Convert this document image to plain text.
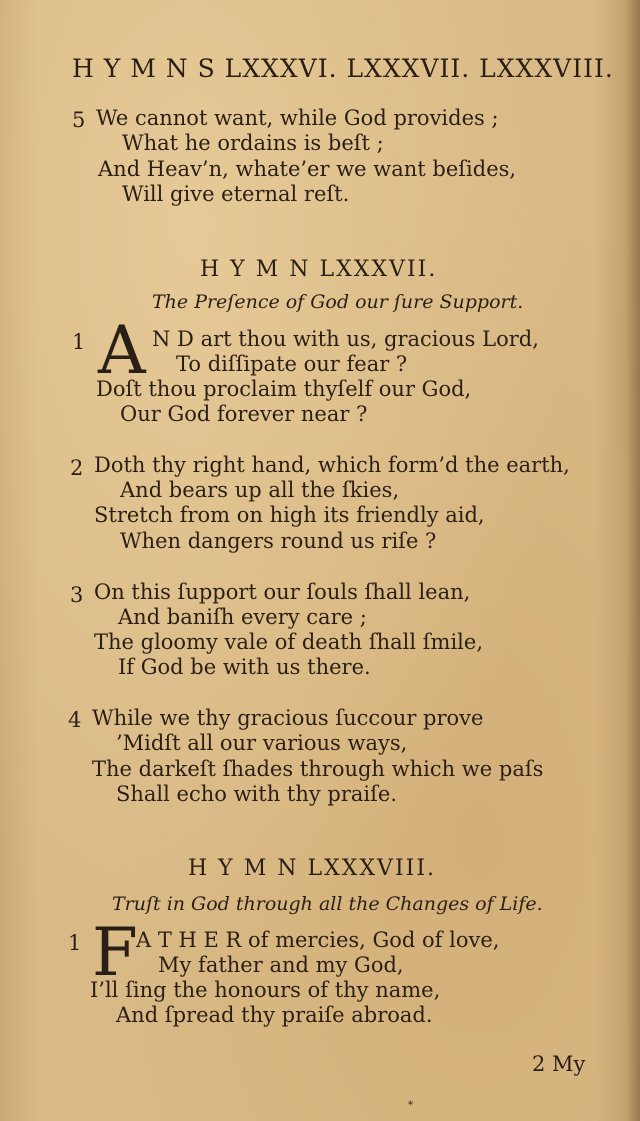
H Y M N S LXXXVI. LXXXVII. LXXXVIII.
5 We cannot want, while God provides ;
What he ordains is beſt ;
And Heav’n, whate’er we want beſides,
Will give eternal reſt.
H Y M N LXXXVII.
The Preſence of God our ſure Support.
1 A N D art thou with us, gracious Lord,
To diſſipate our fear ?
Doſt thou proclaim thyſelf our God,
Our God forever near ?
2 Doth thy right hand, which form’d the earth,
And bears up all the ſkies,
Stretch from on high its friendly aid,
When dangers round us riſe ?
3 On this ſupport our ſouls ſhall lean,
And baniſh every care ;
The gloomy vale of death ſhall ſmile,
If God be with us there.
4 While we thy gracious ſuccour prove
’Midſt all our various ways,
The darkeſt ſhades through which we paſs
Shall echo with thy praiſe.
H Y M N LXXXVIII.
Truſt in God through all the Changes of Life.
1 F
A T H E R of mercies, God of love,
My father and my God,
I’ll ſing the honours of thy name,
And ſpread thy praiſe abroad.
2 My
*
